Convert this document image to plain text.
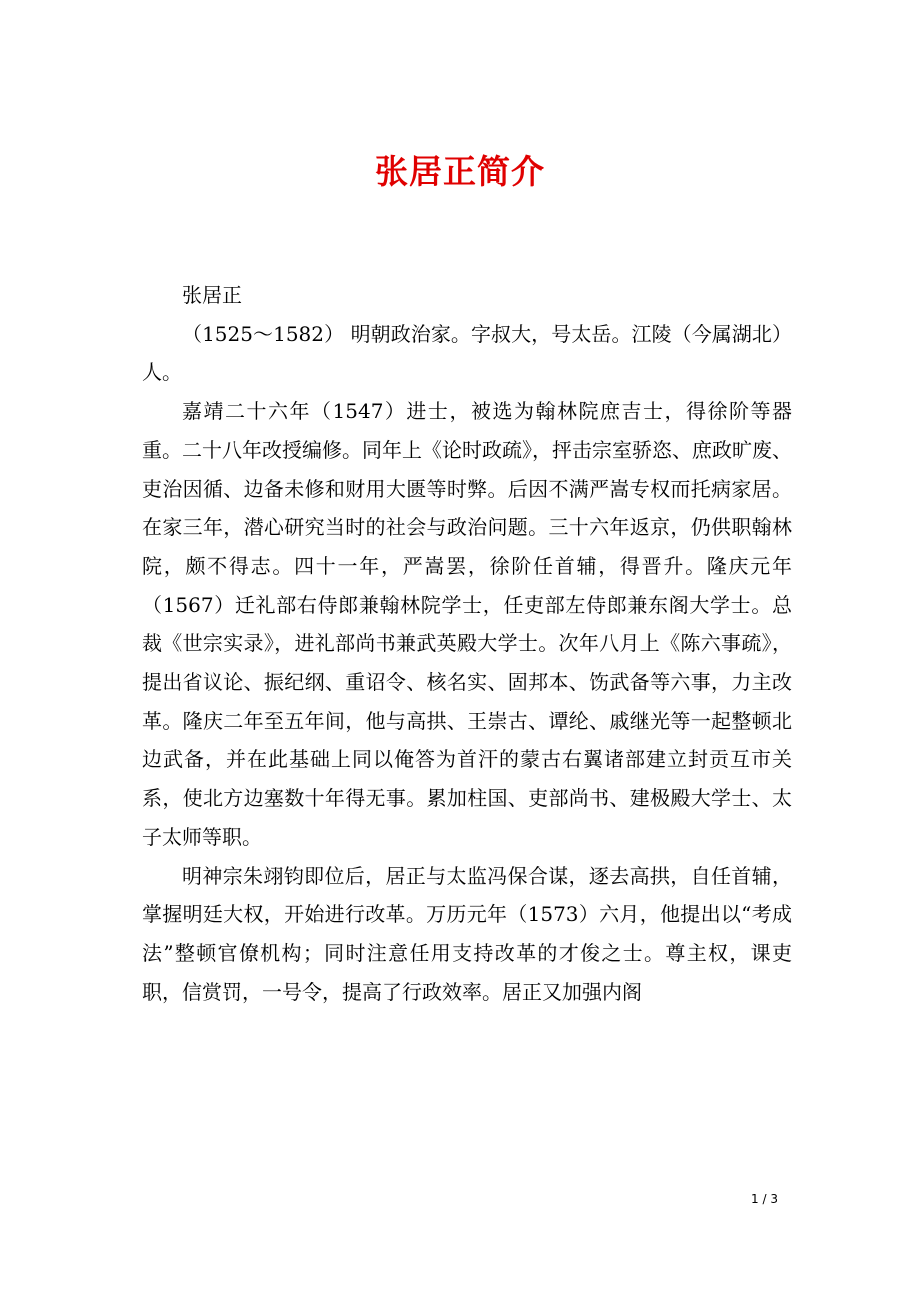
张居正简介

张居正

（1525～1582） 明朝政治家。字叔大，号太岳。江陵（今属湖北）人。

嘉靖二十六年（1547）进士，被选为翰林院庶吉士，得徐阶等器重。二十八年改授编修。同年上《论时政疏》，抨击宗室骄恣、庶政旷废、吏治因循、边备未修和财用大匮等时弊。后因不满严嵩专权而托病家居。在家三年，潜心研究当时的社会与政治问题。三十六年返京，仍供职翰林院，颇不得志。四十一年，严嵩罢，徐阶任首辅，得晋升。隆庆元年（1567）迁礼部右侍郎兼翰林院学士，任吏部左侍郎兼东阁大学士。总裁《世宗实录》，进礼部尚书兼武英殿大学士。次年八月上《陈六事疏》，提出省议论、振纪纲、重诏令、核名实、固邦本、饬武备等六事，力主改革。隆庆二年至五年间，他与高拱、王崇古、谭纶、戚继光等一起整顿北边武备，并在此基础上同以俺答为首汗的蒙古右翼诸部建立封贡互市关系，使北方边塞数十年得无事。累加柱国、吏部尚书、建极殿大学士、太子太师等职。

明神宗朱翊钧即位后，居正与太监冯保合谋，逐去高拱，自任首辅，掌握明廷大权，开始进行改革。万历元年（1573）六月，他提出以“考成法”整顿官僚机构；同时注意任用支持改革的才俊之士。尊主权，课吏职，信赏罚，一号令，提高了行政效率。居正又加强内阁

1 / 3
